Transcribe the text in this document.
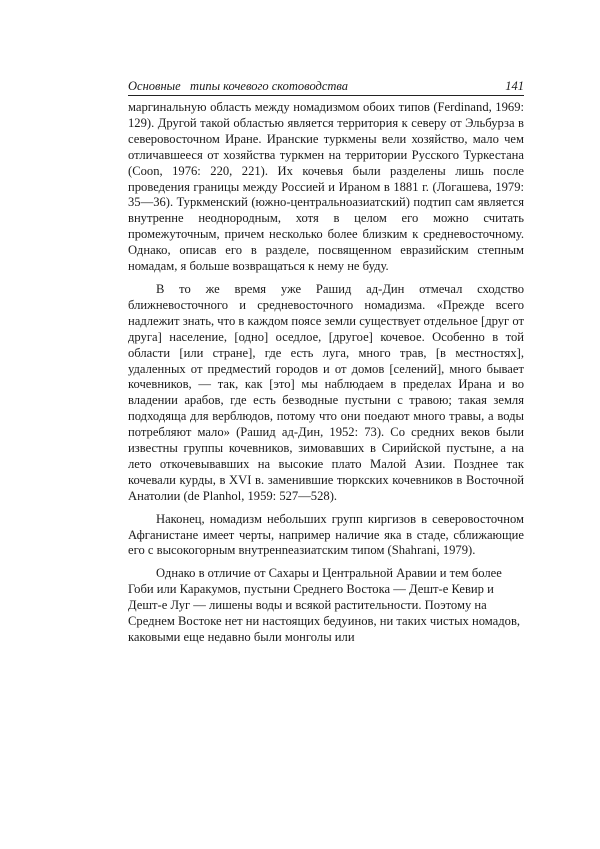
Основные   типы кочевого скотоводства	141

маргинальную область между номадизмом обоих типов (Ferdinand, 1969: 129). Другой такой областью является территория к северу от Эльбурза в северовосточном Иране. Иранские туркмены вели хозяйство, мало чем отличавшееся от хозяйства туркмен на территории Русского Туркестана (Coon, 1976: 220, 221). Их кочевья были разделены лишь после проведения границы между Россией и Ираном в 1881 г. (Логашева, 1979: 35—36). Туркменский (южно-центральноазиатский) подтип сам является внутренне неоднородным, хотя в целом его можно считать промежуточным, причем несколько более близким к средневосточному. Однако, описав его в разделе, посвященном евразийским степным номадам, я больше возвращаться к нему не буду.

В то же время уже Рашид ад-Дин отмечал сходство ближневосточного и средневосточного номадизма. «Прежде всего надлежит знать, что в каждом поясе земли существует отдельное [друг от друга] население, [одно] оседлое, [другое] кочевое. Особенно в той области [или стране], где есть луга, много трав, [в местностях], удаленных от предместий городов и от домов [селений], много бывает кочевников, — так, как [это] мы наблюдаем в пределах Ирана и во владении арабов, где есть безводные пустыни с травою; такая земля подходяща для верблюдов, потому что они поедают много травы, а воды потребляют мало» (Рашид ад-Дин, 1952: 73). Со средних веков были известны группы кочевников, зимовавших в Сирийской пустыне, а на лето откочевывавших на высокие плато Малой Азии. Позднее так кочевали курды, в XVI в. заменившие тюркских кочевников в Восточной Анатолии (de Planhol, 1959: 527—528).

Наконец, номадизм небольших групп киргизов в северовосточном Афганистане имеет черты, например наличие яка в стаде, сближающие его с высокогорным внутренneaзиатским типом (Shahrani, 1979).

Однако в отличие от Сахары и Центральной Аравии и тем более Гоби или Каракумов, пустыни Среднего Востока — Дешт-е Кевир и Дешт-е Луг — лишены воды и всякой растительности. Поэтому на Среднем Востоке нет ни настоящих бедуинов, ни таких чистых номадов, каковыми еще недавно были монголы или
